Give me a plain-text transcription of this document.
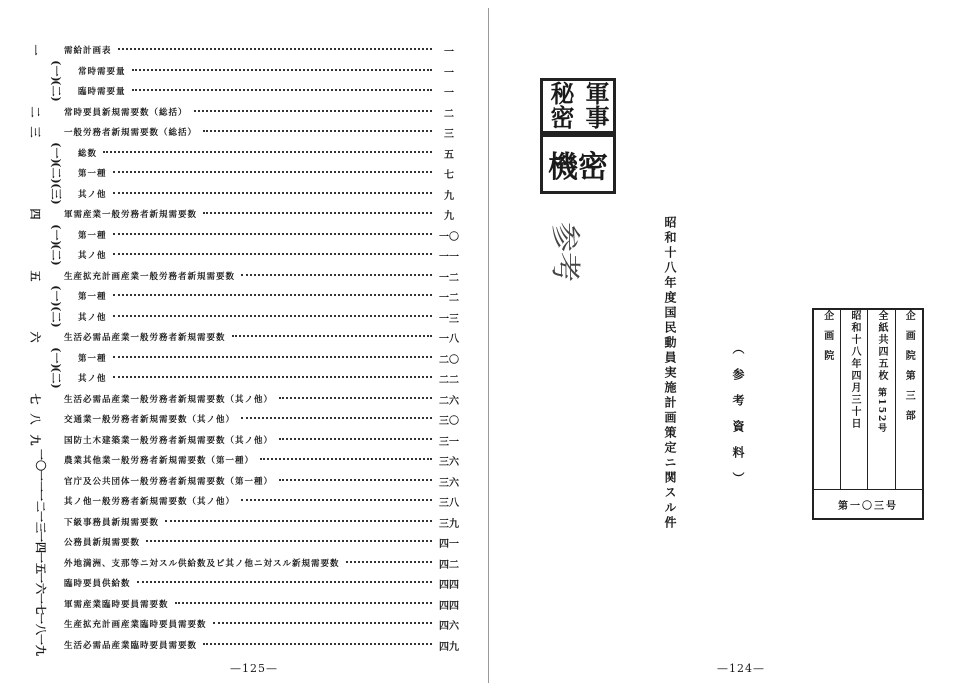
一	需給計画表	一
(一) 常時需要量	一
(二) 臨時需要量	一
二	常時要員新規需要数（総括）	二
三	一般労務者新規需要数（総括）	三
(一) 総数	五
(二) 第一種	七
(三) 其ノ他	九
四	軍需産業一般労務者新規需要数	九
(一) 第一種	一〇
(二) 其ノ他	一一
五	生産拡充計画産業一般労務者新規需要数	一二
(一) 第一種	一二
(二) 其ノ他	一三
六	生活必需品産業一般労務者新規需要数	一八
(一) 第一種	二〇
(二) 其ノ他	二二
七	生活必需品産業一般労務者新規需要数（其ノ他）	二六
八	交通業一般労務者新規需要数（其ノ他）	三〇
九	国防土木建築業一般労務者新規需要数（其ノ他）	三一
一〇 農業其他業一般労務者新規需要数（第一種）	三六
一一 官庁及公共団体一般労務者新規需要数（第一種）	三六
一二 其ノ他一般労務者新規需要数（其ノ他）	三八
一三 下級事務員新規需要数	三九
一四 公務員新規需要数	四一
一五 外地満洲、支那等ニ対スル供給数及ビ其ノ他ニ対スル新規需要数	四二
一六 臨時要員供給数	四四
一七 軍需産業臨時要員需要数	四四
一八 生産拡充計画産業臨時要員需要数	四六
一九 生活必需品産業臨時要員需要数	四九
—125—	—124—
軍事秘密
機密
参考	昭和十八年度国民動員実施計画策定ニ関スル件	（参考資料）
企画院	昭和十八年四月三十日	全紙共四五枚 第152号	企画院第三部
第一〇三号
